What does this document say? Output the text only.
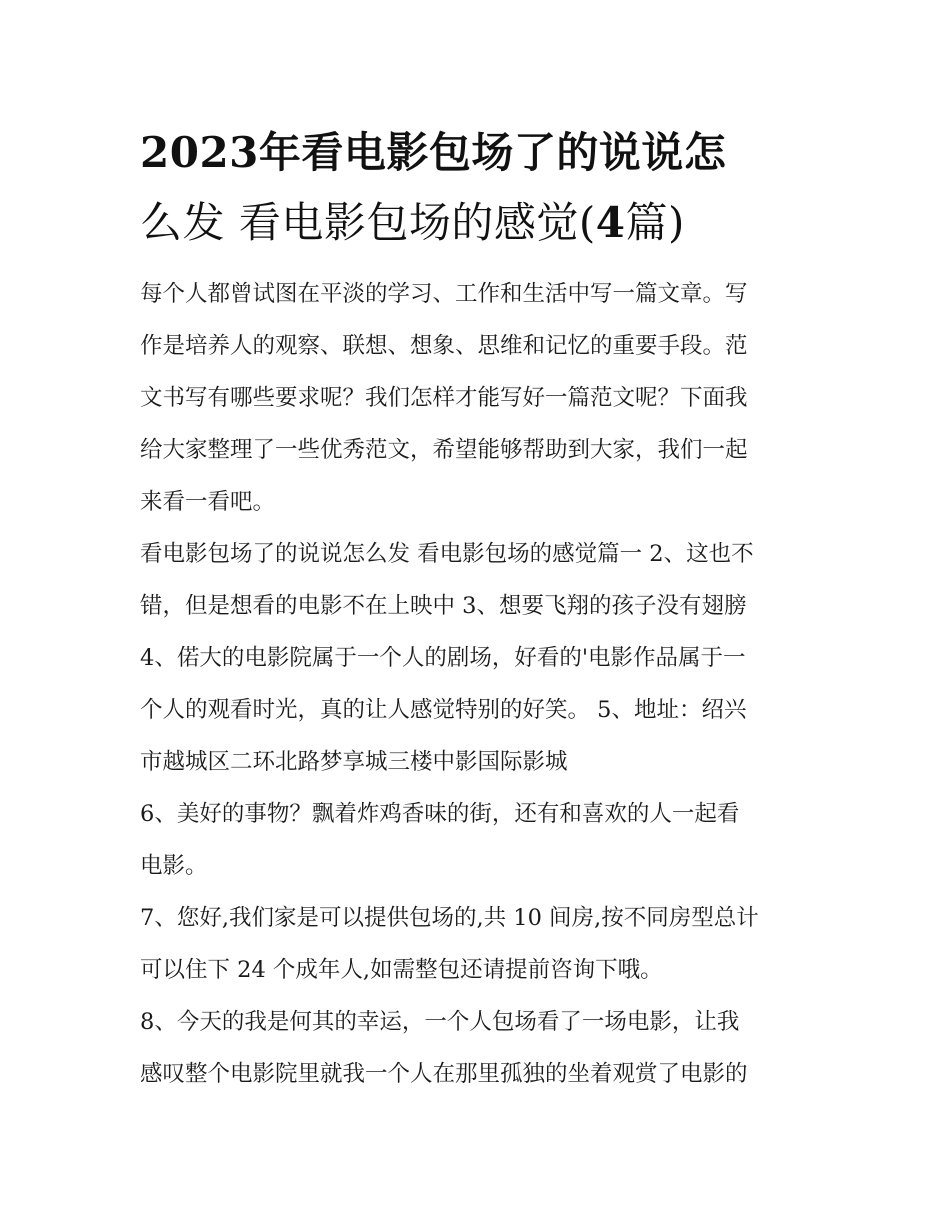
2023年看电影包场了的说说怎
么发 看电影包场的感觉(4篇)

每个人都曾试图在平淡的学习、工作和生活中写一篇文章。写
作是培养人的观察、联想、想象、思维和记忆的重要手段。范
文书写有哪些要求呢？我们怎样才能写好一篇范文呢？下面我
给大家整理了一些优秀范文，希望能够帮助到大家，我们一起
来看一看吧。

看电影包场了的说说怎么发 看电影包场的感觉篇一 2、这也不
错，但是想看的电影不在上映中 3、想要飞翔的孩子没有翅膀
4、偌大的电影院属于一个人的剧场，好看的'电影作品属于一
个人的观看时光，真的让人感觉特别的好笑。 5、地址：绍兴
市越城区二环北路梦享城三楼中影国际影城

6、美好的事物？飘着炸鸡香味的街，还有和喜欢的人一起看
电影。

7、您好,我们家是可以提供包场的,共 10 间房,按不同房型总计
可以住下 24 个成年人,如需整包还请提前咨询下哦。

8、今天的我是何其的幸运，一个人包场看了一场电影，让我
感叹整个电影院里就我一个人在那里孤独的坐着观赏了电影的
